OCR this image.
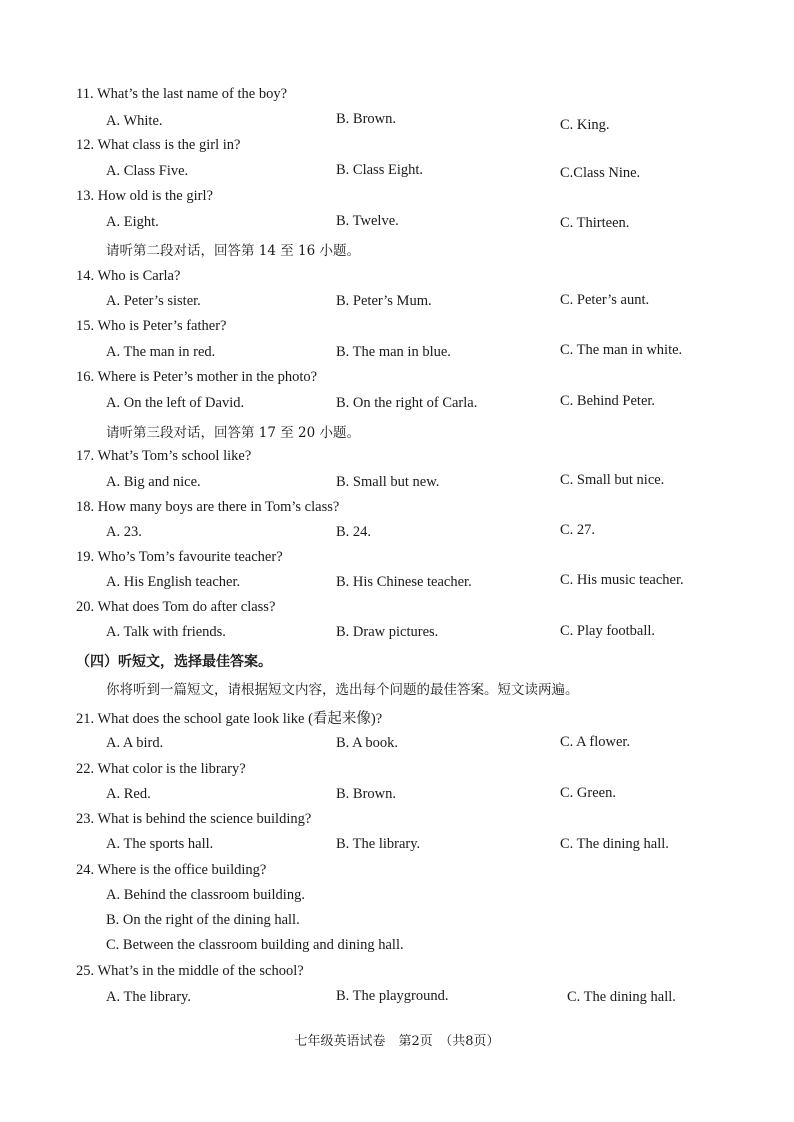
11. What’s the last name of the boy?
A. White.	B. Brown.	C. King.
12. What class is the girl in?
A. Class Five.	B. Class Eight.	C.Class Nine.
13. How old is the girl?
A. Eight.	B. Twelve.	C. Thirteen.
请听第二段对话，回答第 14 至 16 小题。
14. Who is Carla?
A. Peter’s sister.	B. Peter’s Mum.	C. Peter’s aunt.
15. Who is Peter’s father?
A. The man in red.	B. The man in blue.	C. The man in white.
16. Where is Peter’s mother in the photo?
A. On the left of David.	B. On the right of Carla.	C. Behind Peter.
请听第三段对话，回答第 17 至 20 小题。
17. What’s Tom’s school like?
A. Big and nice.	B. Small but new.	C. Small but nice.
18. How many boys are there in Tom’s class?
A. 23.	B. 24.	C. 27.
19. Who’s Tom’s favourite teacher?
A. His English teacher.	B. His Chinese teacher.	C. His music teacher.
20. What does Tom do after class?
A. Talk with friends.	B. Draw pictures.	C. Play football.
（四）听短文，选择最佳答案。
你将听到一篇短文，请根据短文内容，选出每个问题的最佳答案。短文读两遍。
21. What does the school gate look like (看起来像)?
A. A bird.	B. A book.	C. A flower.
22. What color is the library?
A. Red.	B. Brown.	C. Green.
23. What is behind the science building?
A. The sports hall.	B. The library.	C. The dining hall.
24. Where is the office building?
A. Behind the classroom building.
B. On the right of the dining hall.
C. Between the classroom building and dining hall.
25. What’s in the middle of the school?
A. The library.	B. The playground.	C. The dining hall.
七年级英语试卷　第2页　（共8页）
